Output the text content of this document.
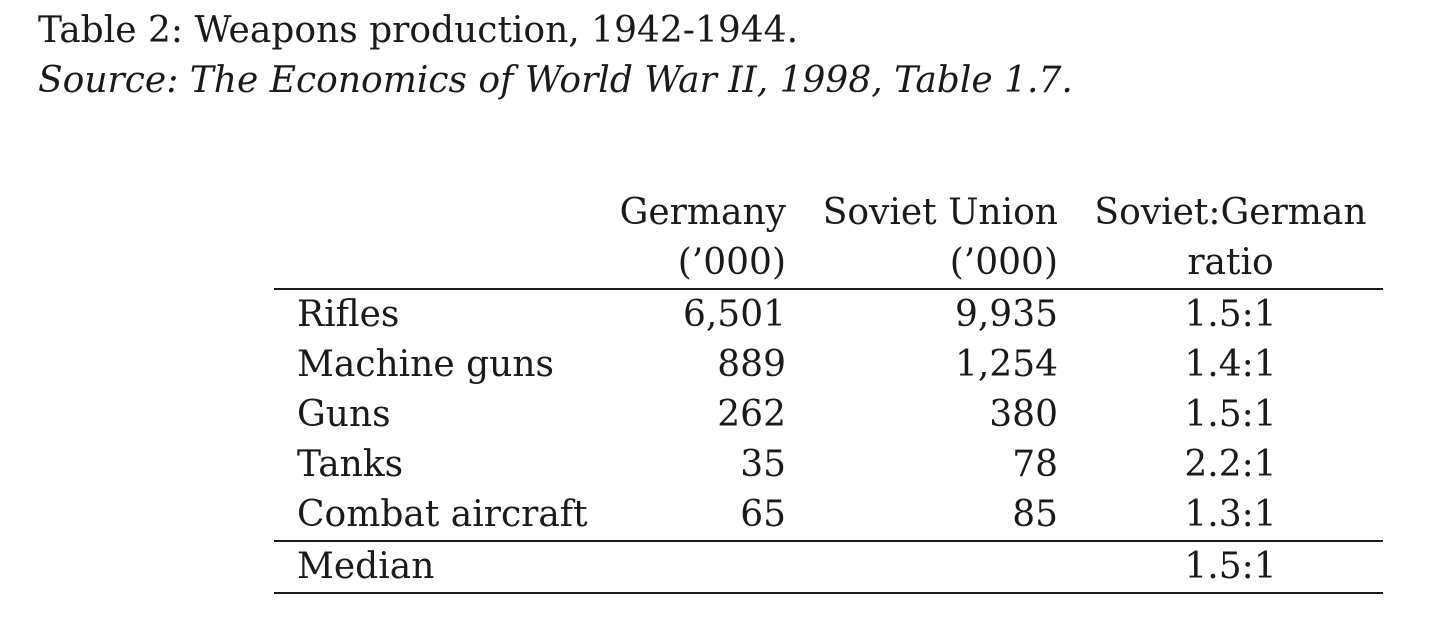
Table 2: Weapons production, 1942-1944.
Source: The Economics of World War II, 1998, Table 1.7.
	Germany	Soviet Union	Soviet:German
	(’000)	(’000)	ratio
Rifles	6,501	9,935	1.5:1
Machine guns	889	1,254	1.4:1
Guns	262	380	1.5:1
Tanks	35	78	2.2:1
Combat aircraft	65	85	1.3:1
Median			1.5:1
